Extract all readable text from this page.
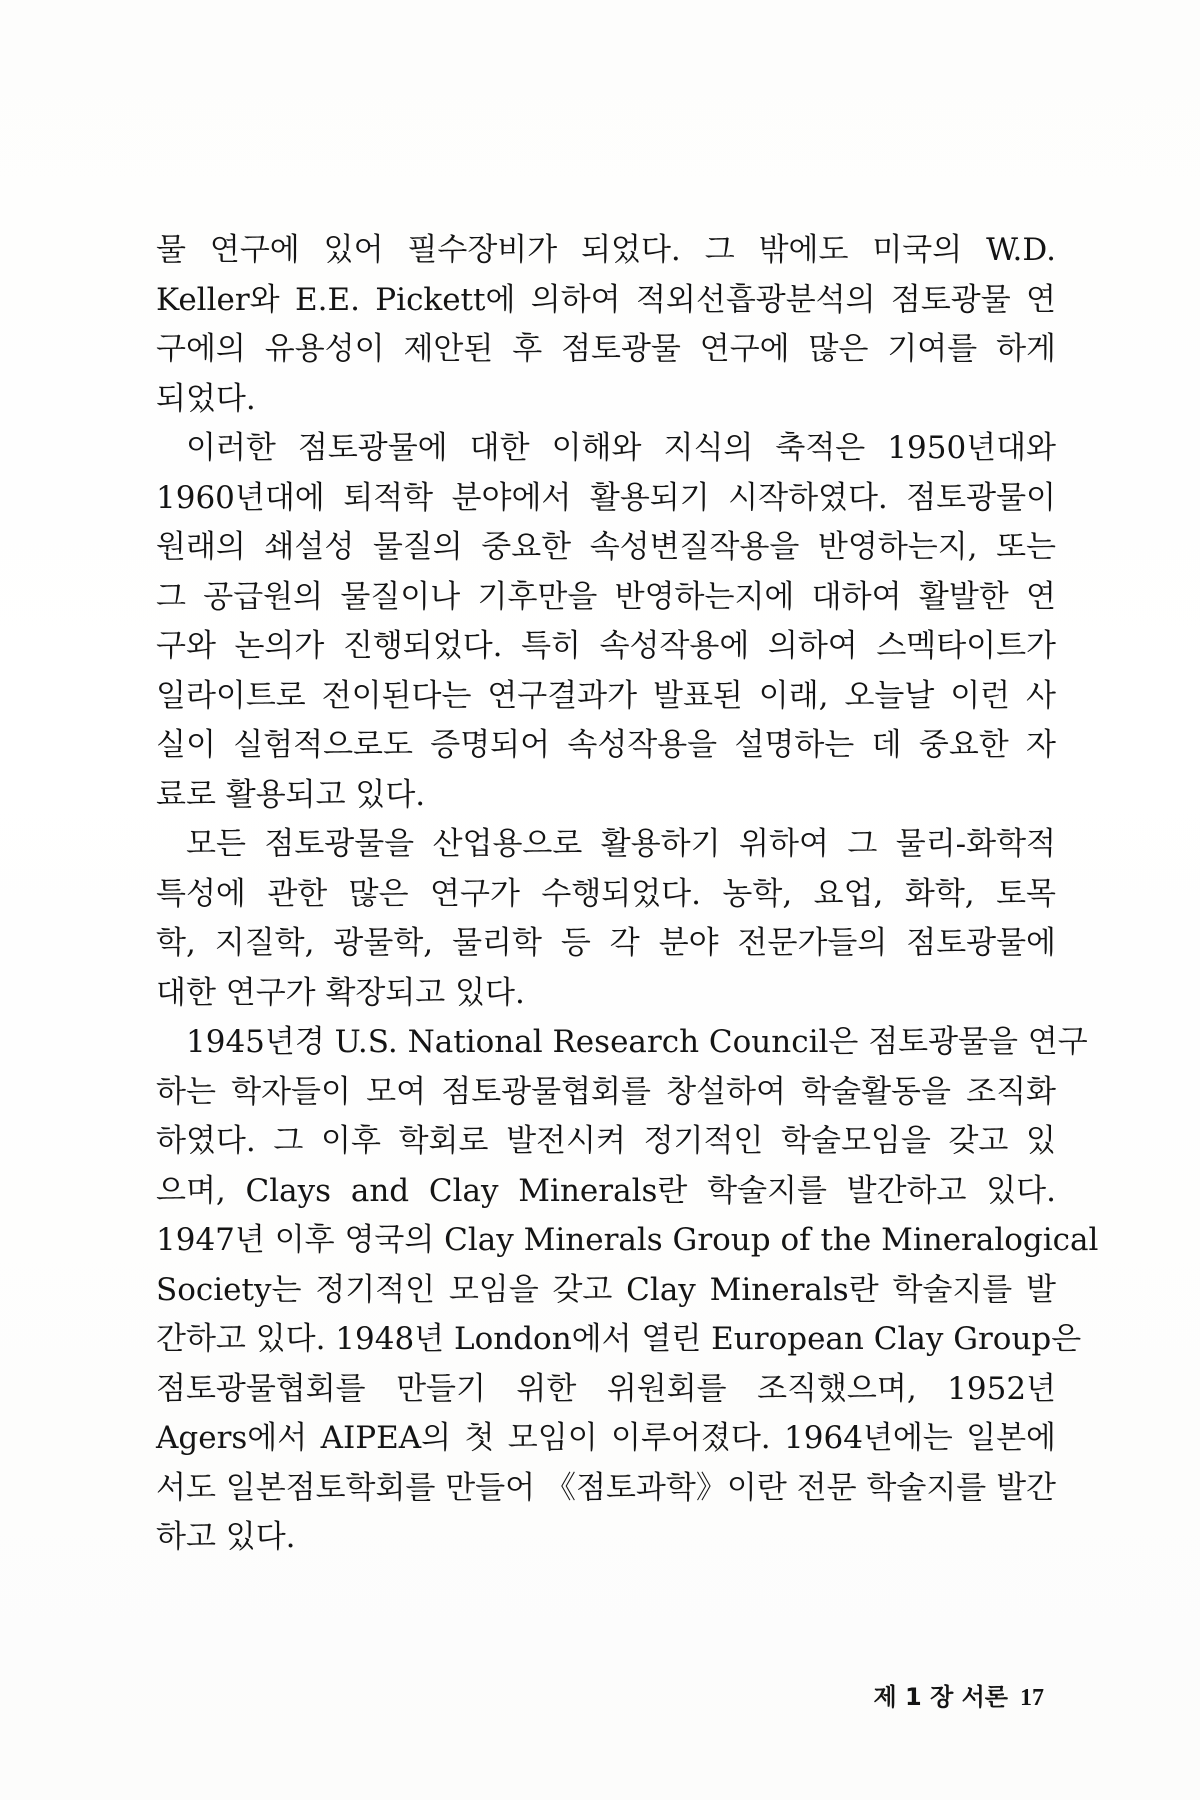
물 연구에 있어 필수장비가 되었다. 그 밖에도 미국의 W.D.

Keller와 E.E. Pickett에 의하여 적외선흡광분석의 점토광물 연

구에의 유용성이 제안된 후 점토광물 연구에 많은 기여를 하게

되었다.

이러한 점토광물에 대한 이해와 지식의 축적은 1950년대와

1960년대에 퇴적학 분야에서 활용되기 시작하였다. 점토광물이

원래의 쇄설성 물질의 중요한 속성변질작용을 반영하는지, 또는

그 공급원의 물질이나 기후만을 반영하는지에 대하여 활발한 연

구와 논의가 진행되었다. 특히 속성작용에 의하여 스멕타이트가

일라이트로 전이된다는 연구결과가 발표된 이래, 오늘날 이런 사

실이 실험적으로도 증명되어 속성작용을 설명하는 데 중요한 자

료로 활용되고 있다.

모든 점토광물을 산업용으로 활용하기 위하여 그 물리-화학적

특성에 관한 많은 연구가 수행되었다. 농학, 요업, 화학, 토목

학, 지질학, 광물학, 물리학 등 각 분야 전문가들의 점토광물에

대한 연구가 확장되고 있다.

1945년경 U.S. National Research Council은 점토광물을 연구

하는 학자들이 모여 점토광물협회를 창설하여 학술활동을 조직화

하였다. 그 이후 학회로 발전시켜 정기적인 학술모임을 갖고 있

으며, Clays and Clay Minerals란 학술지를 발간하고 있다.

1947년 이후 영국의 Clay Minerals Group of the Mineralogical

Society는 정기적인 모임을 갖고 Clay Minerals란 학술지를 발

간하고 있다. 1948년 London에서 열린 European Clay Group은

점토광물협회를 만들기 위한 위원회를 조직했으며, 1952년

Agers에서 AIPEA의 첫 모임이 이루어졌다. 1964년에는 일본에

서도 일본점토학회를 만들어 《점토과학》이란 전문 학술지를 발간

하고 있다.

제 1 장 서론 17
